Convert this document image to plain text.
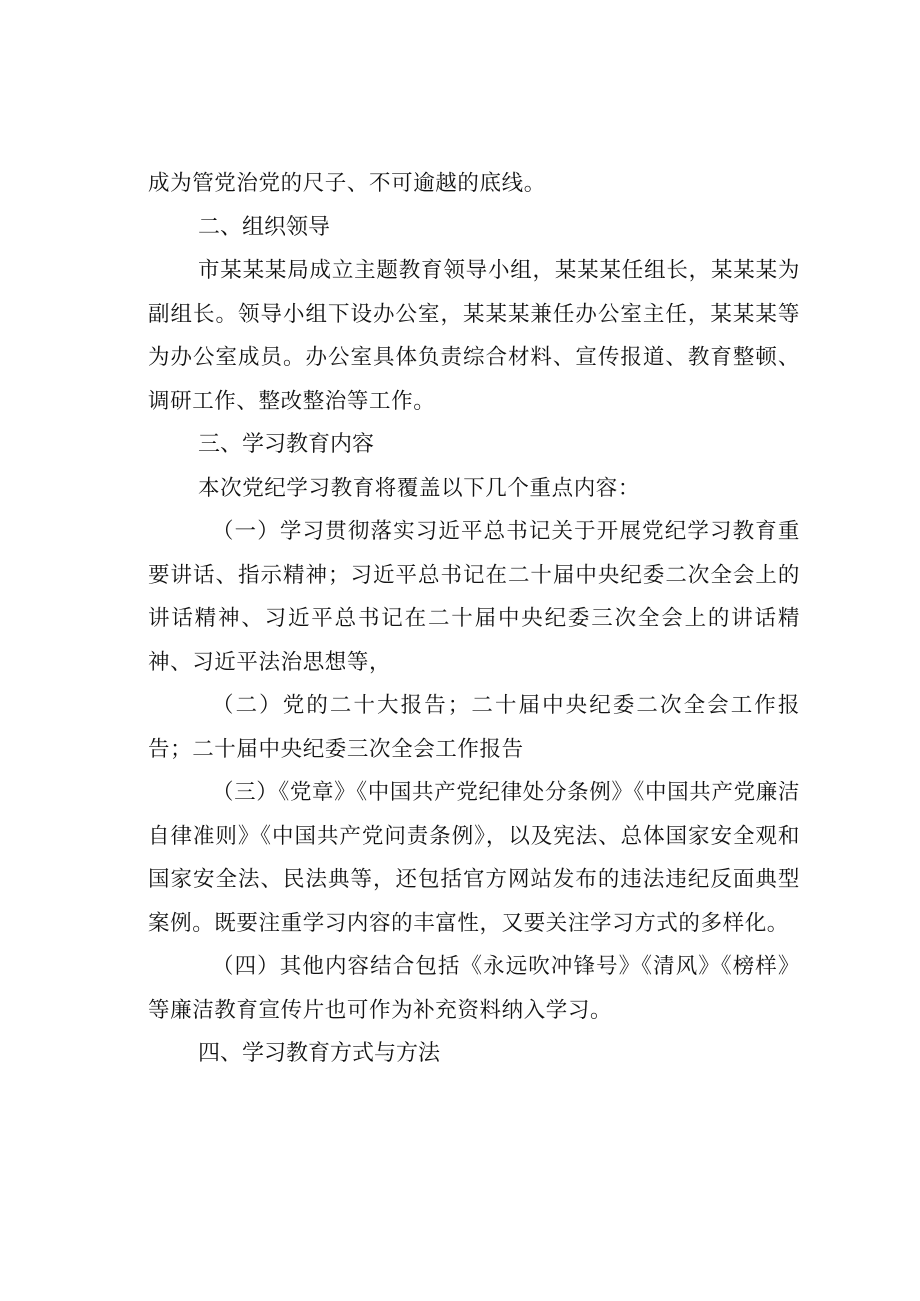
成为管党治党的尺子、不可逾越的底线。

二、组织领导

市某某某局成立主题教育领导小组，某某某任组长，某某某为副组长。领导小组下设办公室，某某某兼任办公室主任，某某某等为办公室成员。办公室具体负责综合材料、宣传报道、教育整顿、调研工作、整改整治等工作。

三、学习教育内容

本次党纪学习教育将覆盖以下几个重点内容：

（一）学习贯彻落实习近平总书记关于开展党纪学习教育重要讲话、指示精神；习近平总书记在二十届中央纪委二次全会上的讲话精神、习近平总书记在二十届中央纪委三次全会上的讲话精神、习近平法治思想等，

（二）党的二十大报告；二十届中央纪委二次全会工作报告；二十届中央纪委三次全会工作报告

（三）《党章》《中国共产党纪律处分条例》《中国共产党廉洁自律准则》《中国共产党问责条例》，以及宪法、总体国家安全观和国家安全法、民法典等，还包括官方网站发布的违法违纪反面典型案例。既要注重学习内容的丰富性，又要关注学习方式的多样化。

（四）其他内容结合包括《永远吹冲锋号》《清风》《榜样》等廉洁教育宣传片也可作为补充资料纳入学习。

四、学习教育方式与方法
